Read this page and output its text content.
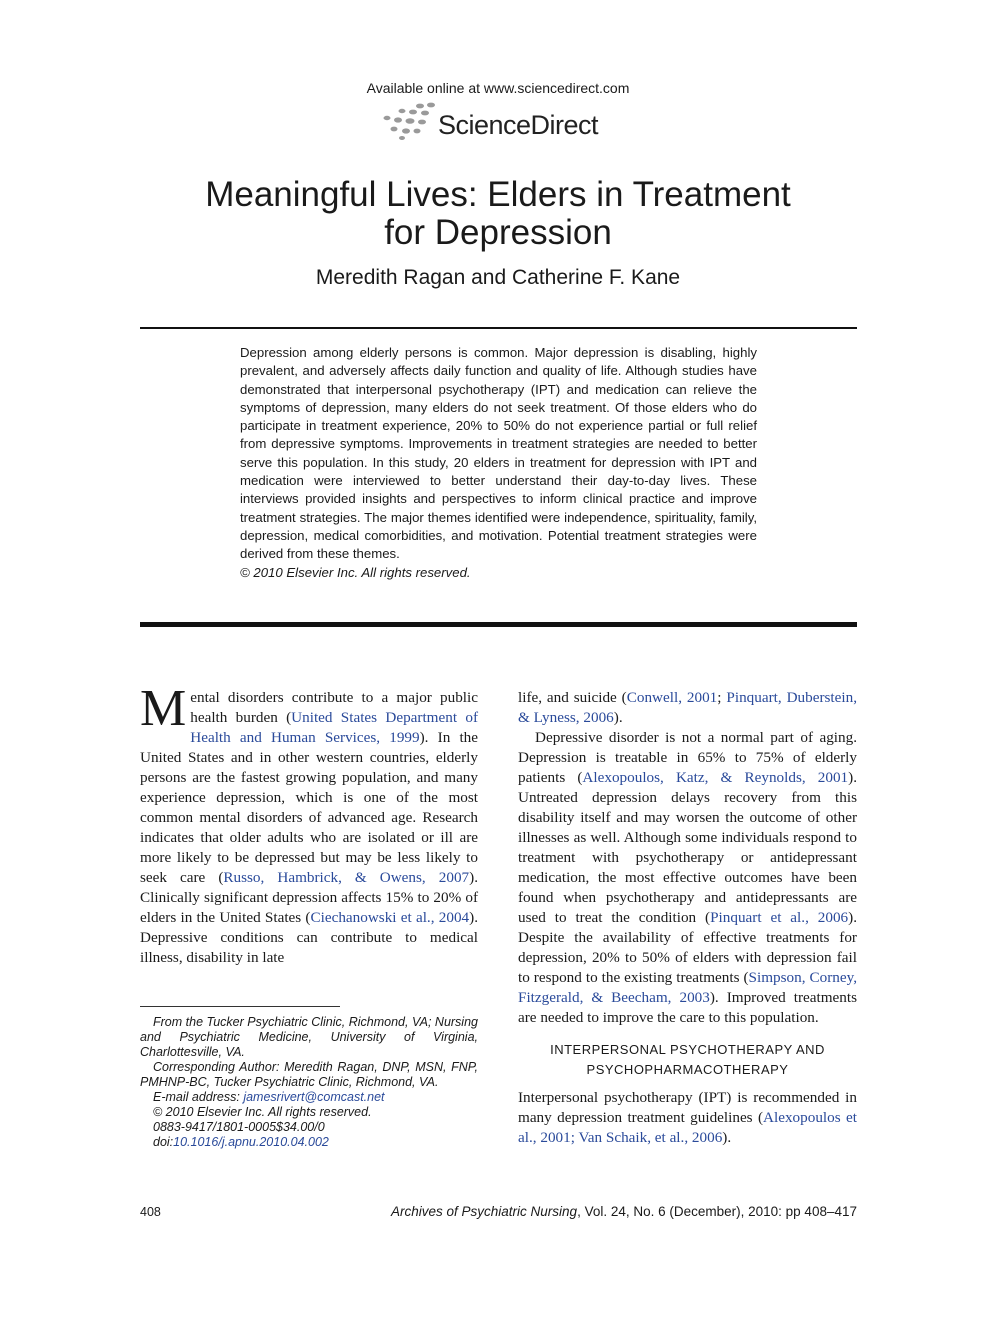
Available online at www.sciencedirect.com
ScienceDirect
Meaningful Lives: Elders in Treatment
for Depression
Meredith Ragan and Catherine F. Kane
Depression among elderly persons is common. Major depression is disabling, highly prevalent, and adversely affects daily function and quality of life. Although studies have demonstrated that interpersonal psychotherapy (IPT) and medication can relieve the symptoms of depression, many elders do not seek treatment. Of those elders who do participate in treatment experience, 20% to 50% do not experience partial or full relief from depressive symptoms. Improvements in treatment strategies are needed to better serve this population. In this study, 20 elders in treatment for depression with IPT and medication were interviewed to better understand their day-to-day lives. These interviews provided insights and perspectives to inform clinical practice and improve treatment strategies. The major themes identified were independence, spirituality, family, depression, medical comorbidities, and motivation. Potential treatment strategies were derived from these themes.
© 2010 Elsevier Inc. All rights reserved.

Mental disorders contribute to a major public health burden (United States Department of Health and Human Services, 1999). In the United States and in other western countries, elderly persons are the fastest growing population, and many experience depression, which is one of the most common mental disorders of advanced age. Research indicates that older adults who are isolated or ill are more likely to be depressed but may be less likely to seek care (Russo, Hambrick, & Owens, 2007). Clinically significant depression affects 15% to 20% of elders in the United States (Ciechanowski et al., 2004). Depressive conditions can contribute to medical illness, disability in late

From the Tucker Psychiatric Clinic, Richmond, VA; Nursing and Psychiatric Medicine, University of Virginia, Charlottesville, VA.

Corresponding Author: Meredith Ragan, DNP, MSN, FNP, PMHNP-BC, Tucker Psychiatric Clinic, Richmond, VA.

E-mail address: jamesrivert@comcast.net

© 2010 Elsevier Inc. All rights reserved.

0883-9417/1801-0005$34.00/0

doi:10.1016/j.apnu.2010.04.002

life, and suicide (Conwell, 2001; Pinquart, Duberstein, & Lyness, 2006).

Depressive disorder is not a normal part of aging. Depression is treatable in 65% to 75% of elderly patients (Alexopoulos, Katz, & Reynolds, 2001). Untreated depression delays recovery from this disability itself and may worsen the outcome of other illnesses as well. Although some individuals respond to treatment with psychotherapy or antidepressant medication, the most effective outcomes have been found when psychotherapy and antidepressants are used to treat the condition (Pinquart et al., 2006). Despite the availability of effective treatments for depression, 20% to 50% of elders with depression fail to respond to the existing treatments (Simpson, Corney, Fitzgerald, & Beecham, 2003). Improved treatments are needed to improve the care to this population.

INTERPERSONAL PSYCHOTHERAPY AND PSYCHOPHARMACOTHERAPY

Interpersonal psychotherapy (IPT) is recommended in many depression treatment guidelines (Alexopoulos et al., 2001; Van Schaik, et al., 2006).

408	Archives of Psychiatric Nursing, Vol. 24, No. 6 (December), 2010: pp 408–417
